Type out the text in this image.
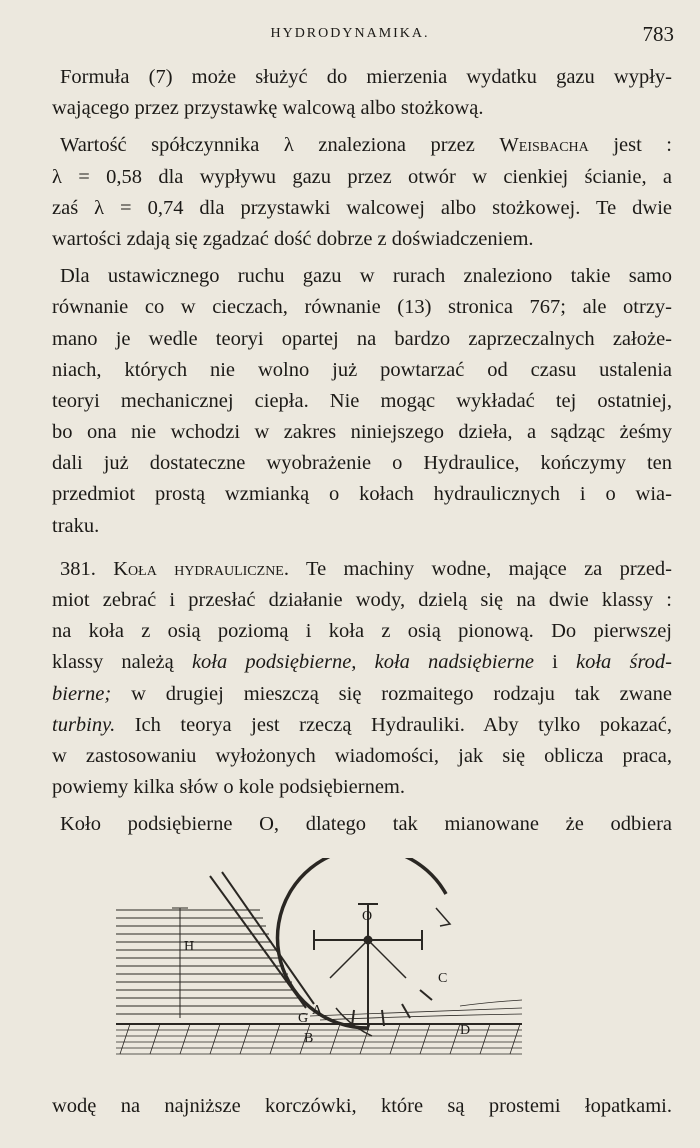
HYDRODYNAMIKA.	783
Formuła (7) może służyć do mierzenia wydatku gazu wypły-
wającego przez przystawkę walcową albo stożkową.
Wartość spółczynnika λ znaleziona przez Weisbacha jest :
λ = 0,58 dla wypływu gazu przez otwór w cienkiej ścianie, a
zaś λ = 0,74 dla przystawki walcowej albo stożkowej. Te dwie
wartości zdają się zgadzać dość dobrze z doświadczeniem.
Dla ustawicznego ruchu gazu w rurach znaleziono takie samo
równanie co w cieczach, równanie (13) stronica 767; ale otrzy-
mano je wedle teoryi opartej na bardzo zaprzeczalnych założe-
niach, których nie wolno już powtarzać od czasu ustalenia
teoryi mechanicznej ciepła. Nie mogąc wykładać tej ostatniej,
bo ona nie wchodzi w zakres niniejszego dzieła, a sądząc żeśmy
dali już dostateczne wyobrażenie o Hydraulice, kończymy ten
przedmiot prostą wzmianką o kołach hydraulicznych i o wia-
traku.
381. Koła hydrauliczne. Te machiny wodne, mające za przed-
miot zebrać i przesłać działanie wody, dzielą się na dwie klassy :
na koła z osią poziomą i koła z osią pionową. Do pierwszej
klassy należą koła podsiębierne, koła nadsiębierne i koła środ-
bierne; w drugiej mieszczą się rozmaitego rodzaju tak zwane
turbiny. Ich teorya jest rzeczą Hydrauliki. Aby tylko pokazać,
w zastosowaniu wyłożonych wiadomości, jak się oblicza praca,
powiemy kilka słów o kole podsiębiernem.
Koło podsiębierne O, dlatego tak mianowane że odbiera
H
O
A
C
G
B
D
wodę na najniższe korczówki, które są prostemi łopatkami.
